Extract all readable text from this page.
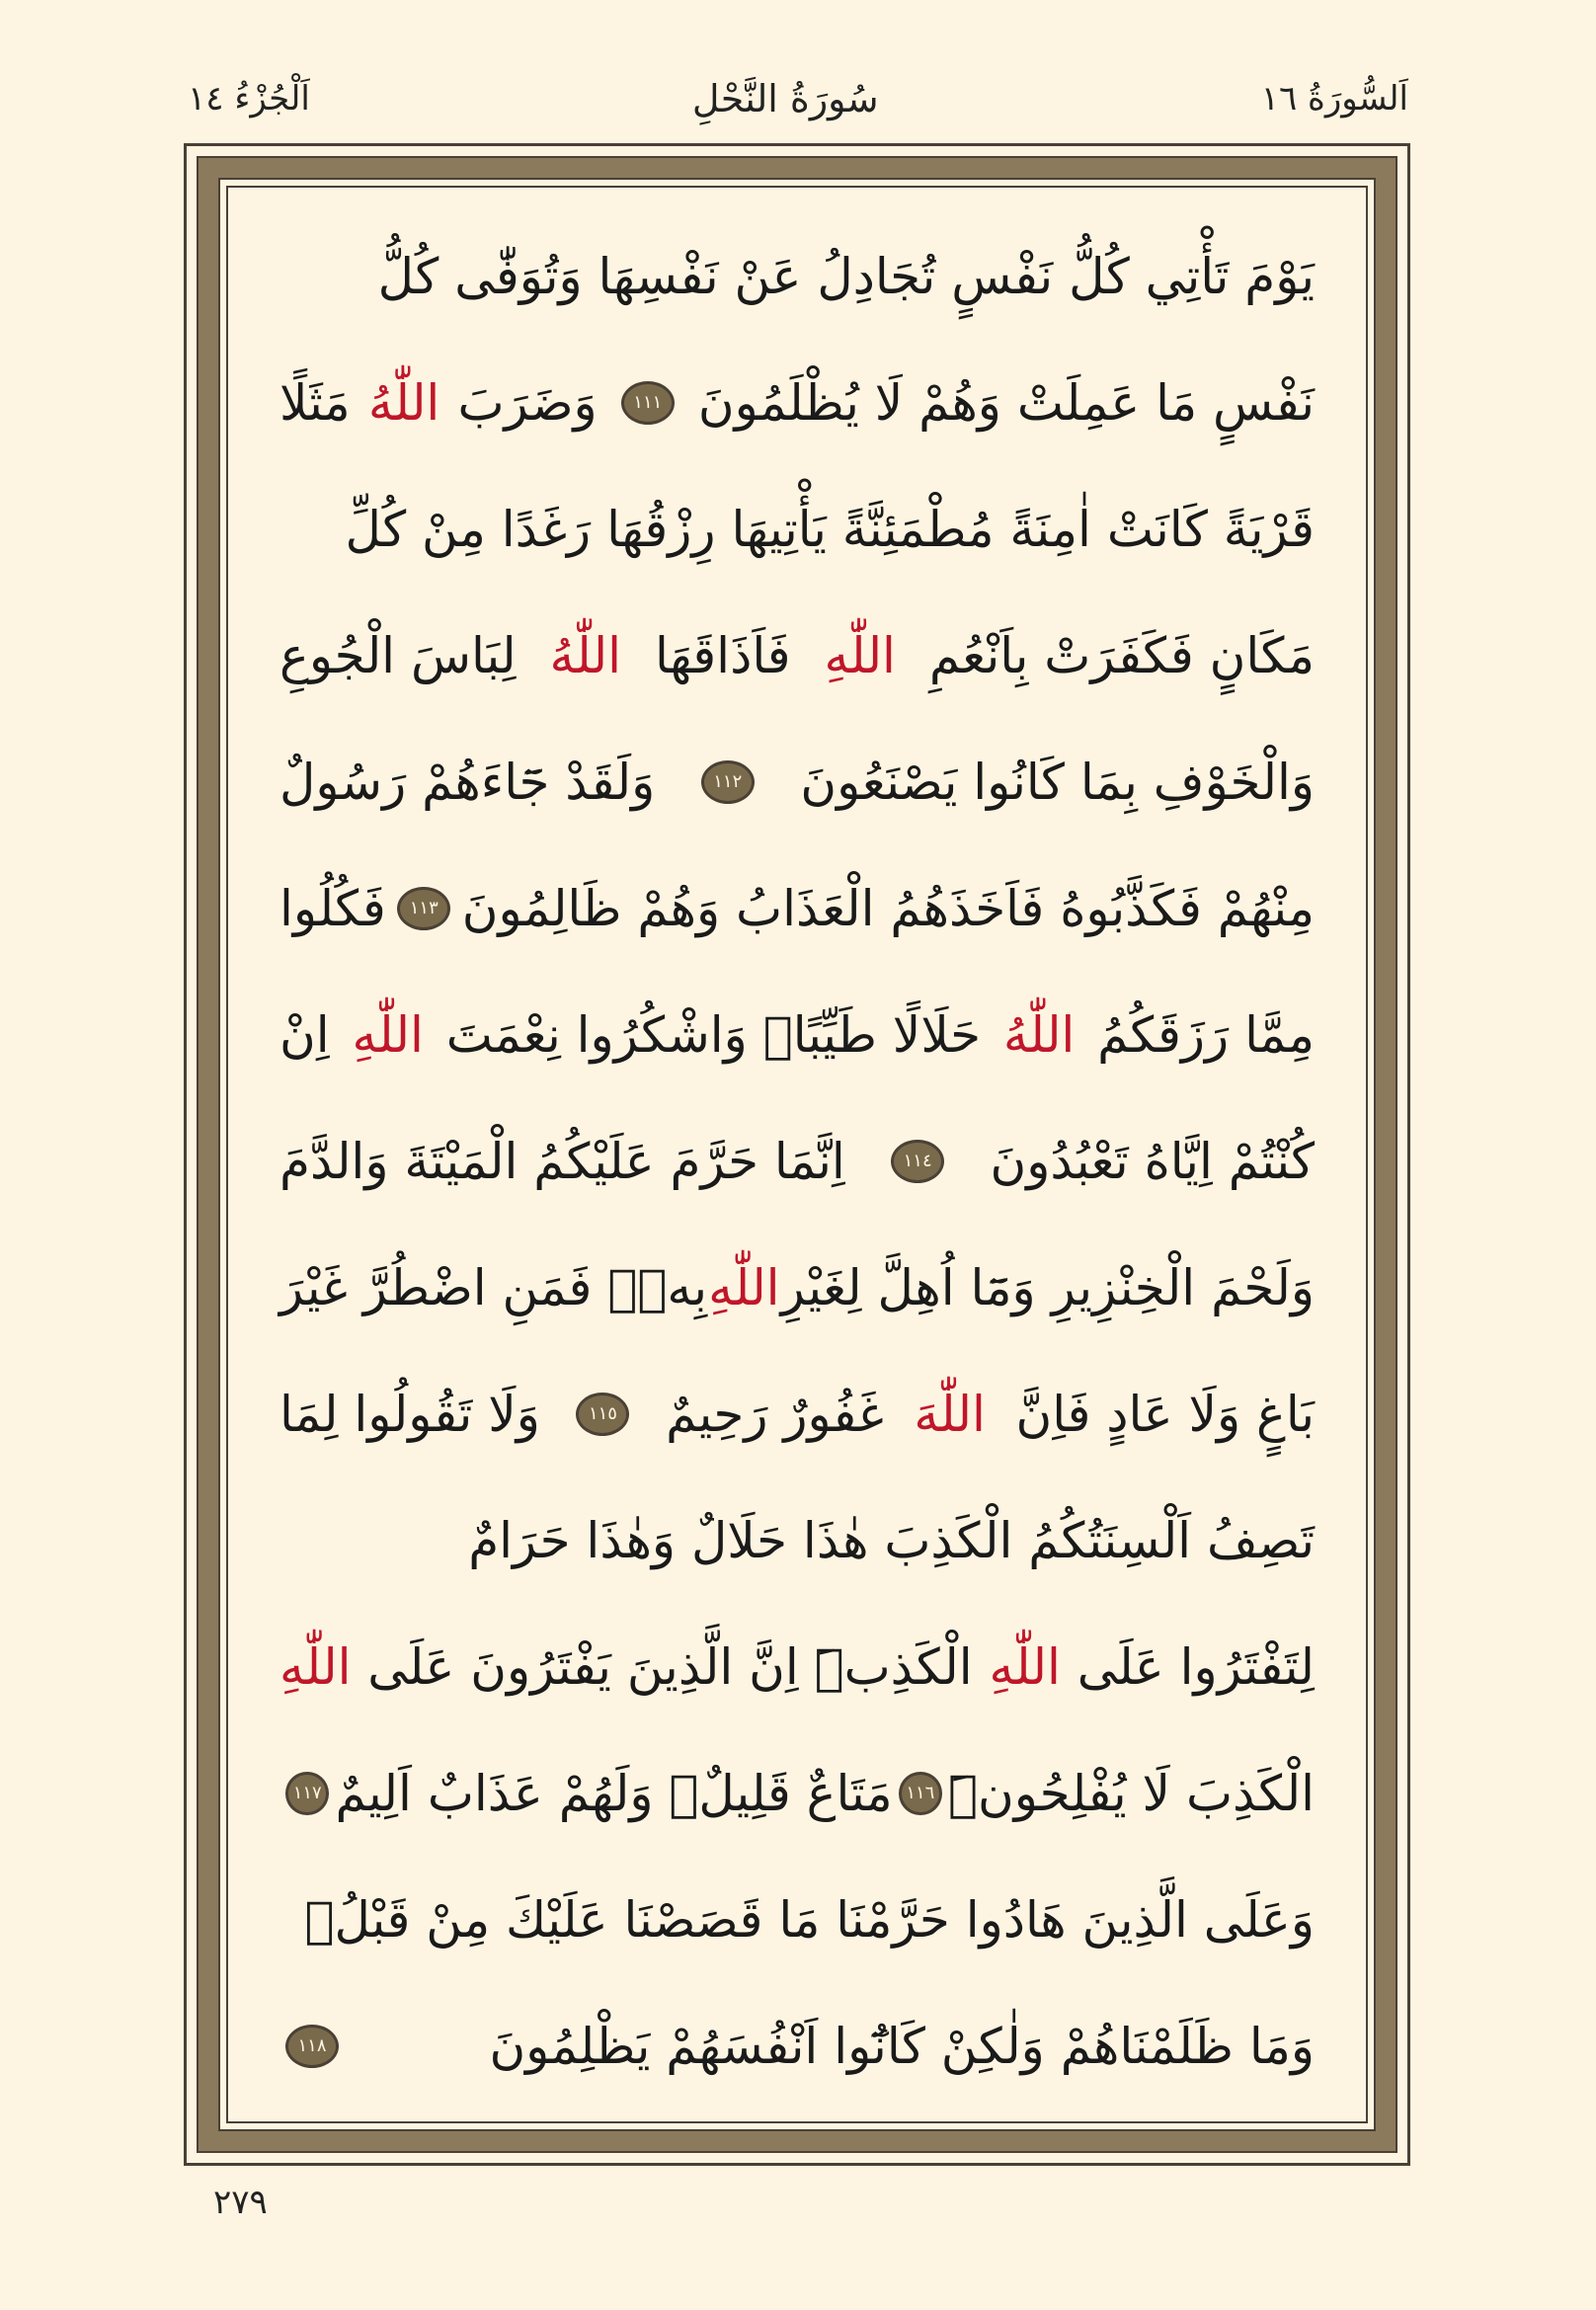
اَلسُّورَةُ ١٦
سُورَةُ النَّحْلِ
اَلْجُزْءُ ١٤
يَوْمَ تَأْتِي كُلُّ نَفْسٍ تُجَادِلُ عَنْ نَفْسِهَا وَتُوَفّٰى كُلُّ
نَفْسٍ مَا عَمِلَتْ وَهُمْ لَا يُظْلَمُونَ
١١١
وَضَرَبَ
اللّٰهُ
مَثَلًا
قَرْيَةً كَانَتْ اٰمِنَةً مُطْمَئِنَّةً يَأْتِيهَا رِزْقُهَا رَغَدًا مِنْ كُلِّ
مَكَانٍ فَكَفَرَتْ بِاَنْعُمِ
اللّٰهِ
فَاَذَاقَهَا
اللّٰهُ
لِبَاسَ الْجُوعِ
وَالْخَوْفِ بِمَا كَانُوا يَصْنَعُونَ
١١٢
وَلَقَدْ جَٓاءَهُمْ رَسُولٌ
مِنْهُمْ فَكَذَّبُوهُ فَاَخَذَهُمُ الْعَذَابُ وَهُمْ ظَالِمُونَ
١١٣
فَكُلُوا
مِمَّا رَزَقَكُمُ
اللّٰهُ
حَلَالًا طَيِّبًاۖ وَاشْكُرُوا نِعْمَتَ
اللّٰهِ
اِنْ
كُنْتُمْ اِيَّاهُ تَعْبُدُونَ
١١٤
اِنَّمَا حَرَّمَ عَلَيْكُمُ الْمَيْتَةَ وَالدَّمَ
وَلَحْمَ الْخِنْزِيرِ وَمَٓا اُهِلَّ لِغَيْرِ
اللّٰهِ
بِهٖۚ فَمَنِ اضْطُرَّ غَيْرَ
بَاغٍ وَلَا عَادٍ فَاِنَّ
اللّٰهَ
غَفُورٌ رَحِيمٌ
١١٥
وَلَا تَقُولُوا لِمَا
تَصِفُ اَلْسِنَتُكُمُ الْكَذِبَ هٰذَا حَلَالٌ وَهٰذَا حَرَامٌ
لِتَفْتَرُوا عَلَى
اللّٰهِ
الْكَذِبَۜ اِنَّ الَّذِينَ يَفْتَرُونَ عَلَى
اللّٰهِ
الْكَذِبَ لَا يُفْلِحُونَۜ
١١٦
مَتَاعٌ قَلِيلٌۖ وَلَهُمْ عَذَابٌ اَلِيمٌ
١١٧
وَعَلَى الَّذِينَ هَادُوا حَرَّمْنَا مَا قَصَصْنَا عَلَيْكَ مِنْ قَبْلُۚ
وَمَا ظَلَمْنَاهُمْ وَلٰكِنْ كَانُٓوا اَنْفُسَهُمْ يَظْلِمُونَ
١١٨
٢٧٩
